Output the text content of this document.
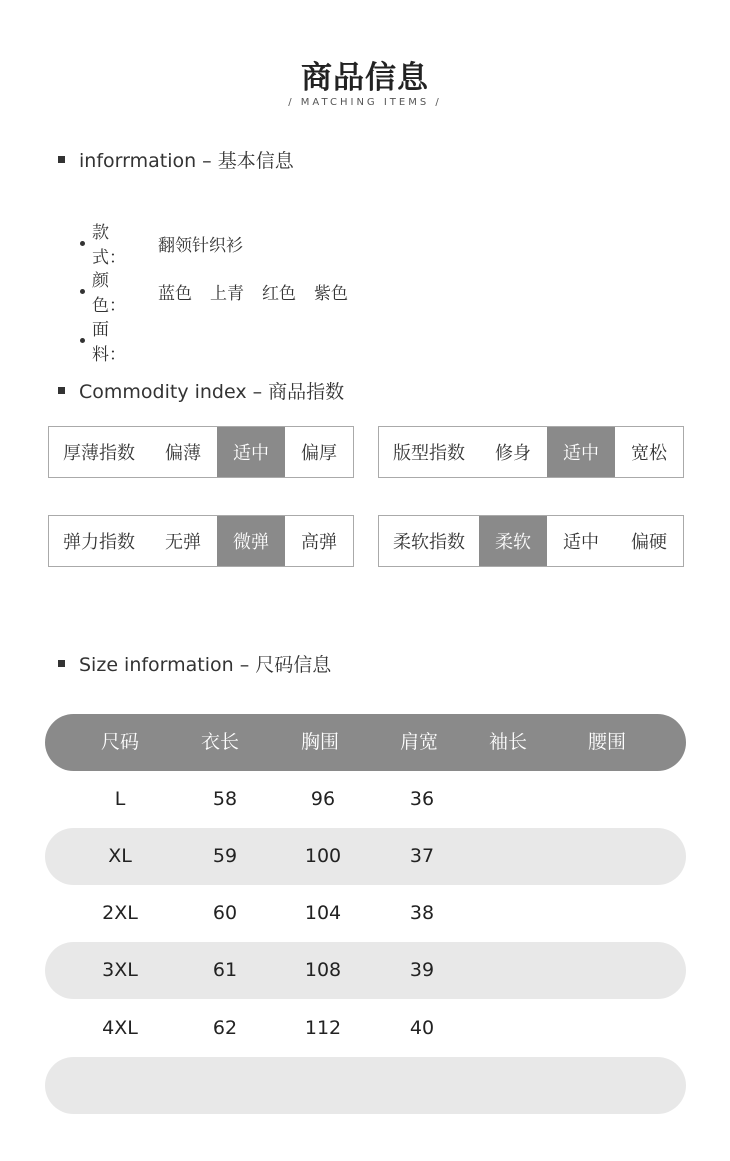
商品信息
/ MATCHING ITEMS /
inforrmation – 基本信息
款　式：
翻领针织衫
颜　色：
蓝色 上青 红色 紫色
面　料：
Commodity index – 商品指数
厚薄指数	偏薄	适中	偏厚	版型指数	修身	适中	宽松
弹力指数	无弹	微弹	高弹	柔软指数	柔软	适中	偏硬
Size information – 尺码信息
尺码	衣长	胸围	肩宽	袖长	腰围
L	58	96	36
XL	59	100	37
2XL	60	104	38
3XL	61	108	39
4XL	62	112	40
